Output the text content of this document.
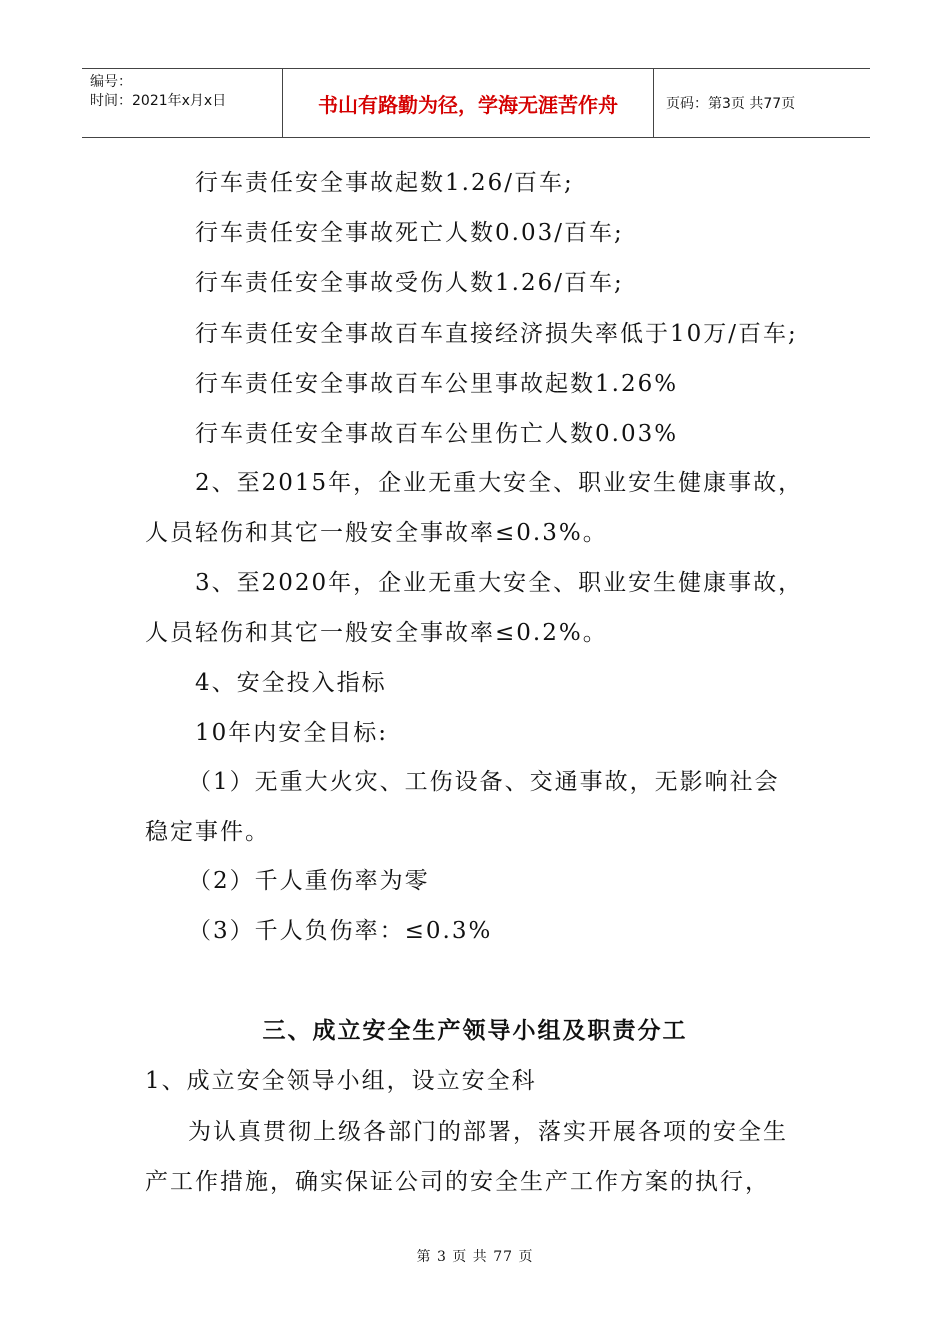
编号：
时间：2021年x月x日	书山有路勤为径，学海无涯苦作舟	页码：第3页 共77页
行车责任安全事故起数1.26/百车;
行车责任安全事故死亡人数0.03/百车;
行车责任安全事故受伤人数1.26/百车;
行车责任安全事故百车直接经济损失率低于10万/百车;
行车责任安全事故百车公里事故起数1.26%
行车责任安全事故百车公里伤亡人数0.03%
2、至2015年，企业无重大安全、职业安生健康事故，
人员轻伤和其它一般安全事故率≤0.3%。
3、至2020年，企业无重大安全、职业安生健康事故，
人员轻伤和其它一般安全事故率≤0.2%。
4、安全投入指标
10年内安全目标:
（1）无重大火灾、工伤设备、交通事故，无影响社会
稳定事件。
（2）千人重伤率为零
（3）千人负伤率：≤0.3%
三、成立安全生产领导小组及职责分工
1、成立安全领导小组，设立安全科
为认真贯彻上级各部门的部署，落实开展各项的安全生
产工作措施，确实保证公司的安全生产工作方案的执行，
第 3 页 共 77 页
